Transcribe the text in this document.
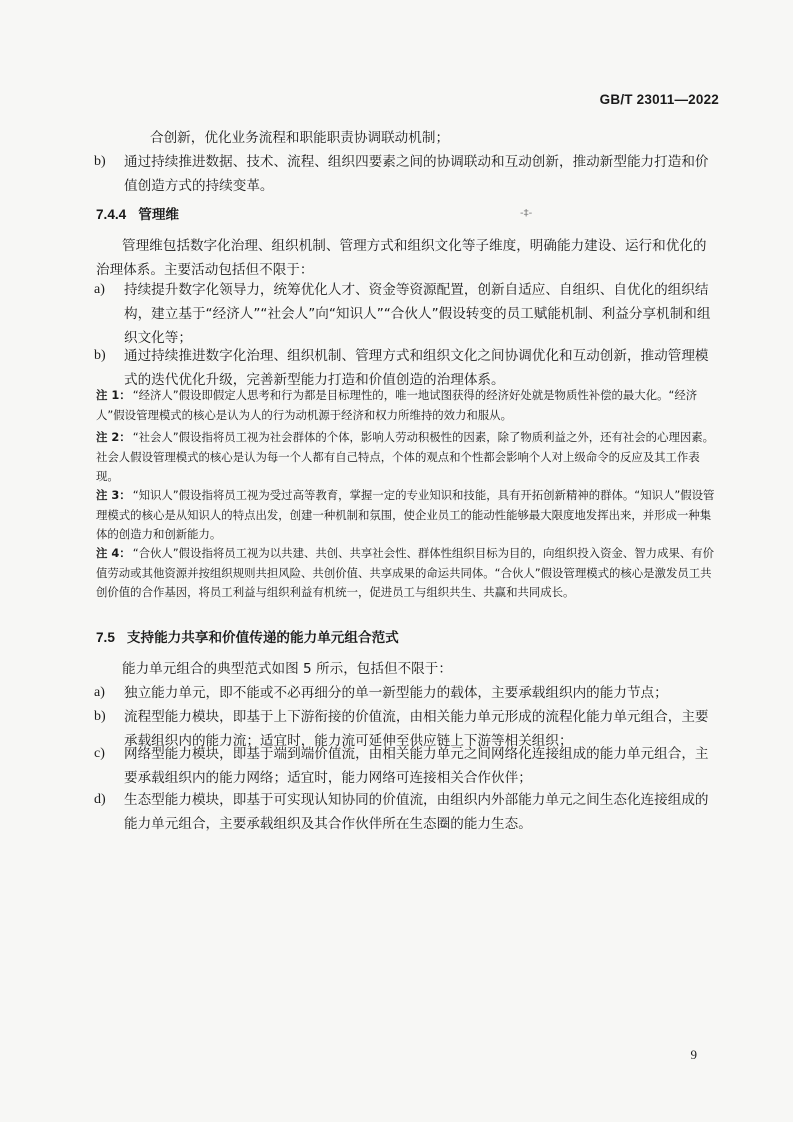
GB/T 23011—2022
合创新，优化业务流程和职能职责协调联动机制；
b)	通过持续推进数据、技术、流程、组织四要素之间的协调联动和互动创新，推动新型能力打造和价值创造方式的持续变革。
7.4.4 管理维	-‡-
管理维包括数字化治理、组织机制、管理方式和组织文化等子维度，明确能力建设、运行和优化的治理体系。主要活动包括但不限于：
a)	持续提升数字化领导力，统筹优化人才、资金等资源配置，创新自适应、自组织、自优化的组织结构，建立基于“经济人”“社会人”向“知识人”“合伙人”假设转变的员工赋能机制、利益分享机制和组织文化等；
b)	通过持续推进数字化治理、组织机制、管理方式和组织文化之间协调优化和互动创新，推动管理模式的迭代优化升级，完善新型能力打造和价值创造的治理体系。
注 1： “经济人”假设即假定人思考和行为都是目标理性的，唯一地试图获得的经济好处就是物质性补偿的最大化。“经济人”假设管理模式的核心是认为人的行为动机源于经济和权力所维持的效力和服从。
注 2： “社会人”假设指将员工视为社会群体的个体，影响人劳动积极性的因素，除了物质利益之外，还有社会的心理因素。社会人假设管理模式的核心是认为每一个人都有自己特点，个体的观点和个性都会影响个人对上级命令的反应及其工作表现。
注 3： “知识人”假设指将员工视为受过高等教育，掌握一定的专业知识和技能，具有开拓创新精神的群体。“知识人”假设管理模式的核心是从知识人的特点出发，创建一种机制和氛围，使企业员工的能动性能够最大限度地发挥出来，并形成一种集体的创造力和创新能力。
注 4： “合伙人”假设指将员工视为以共建、共创、共享社会性、群体性组织目标为目的，向组织投入资金、智力成果、有价值劳动或其他资源并按组织规则共担风险、共创价值、共享成果的命运共同体。“合伙人”假设管理模式的核心是激发员工共创价值的合作基因，将员工利益与组织利益有机统一，促进员工与组织共生、共赢和共同成长。
7.5 支持能力共享和价值传递的能力单元组合范式
能力单元组合的典型范式如图 5 所示，包括但不限于：
a)	独立能力单元，即不能或不必再细分的单一新型能力的载体，主要承载组织内的能力节点；
b)	流程型能力模块，即基于上下游衔接的价值流，由相关能力单元形成的流程化能力单元组合，主要承载组织内的能力流；适宜时，能力流可延伸至供应链上下游等相关组织；
c)	网络型能力模块，即基于端到端价值流，由相关能力单元之间网络化连接组成的能力单元组合，主要承载组织内的能力网络；适宜时，能力网络可连接相关合作伙伴；
d)	生态型能力模块，即基于可实现认知协同的价值流，由组织内外部能力单元之间生态化连接组成的能力单元组合，主要承载组织及其合作伙伴所在生态圈的能力生态。
9
